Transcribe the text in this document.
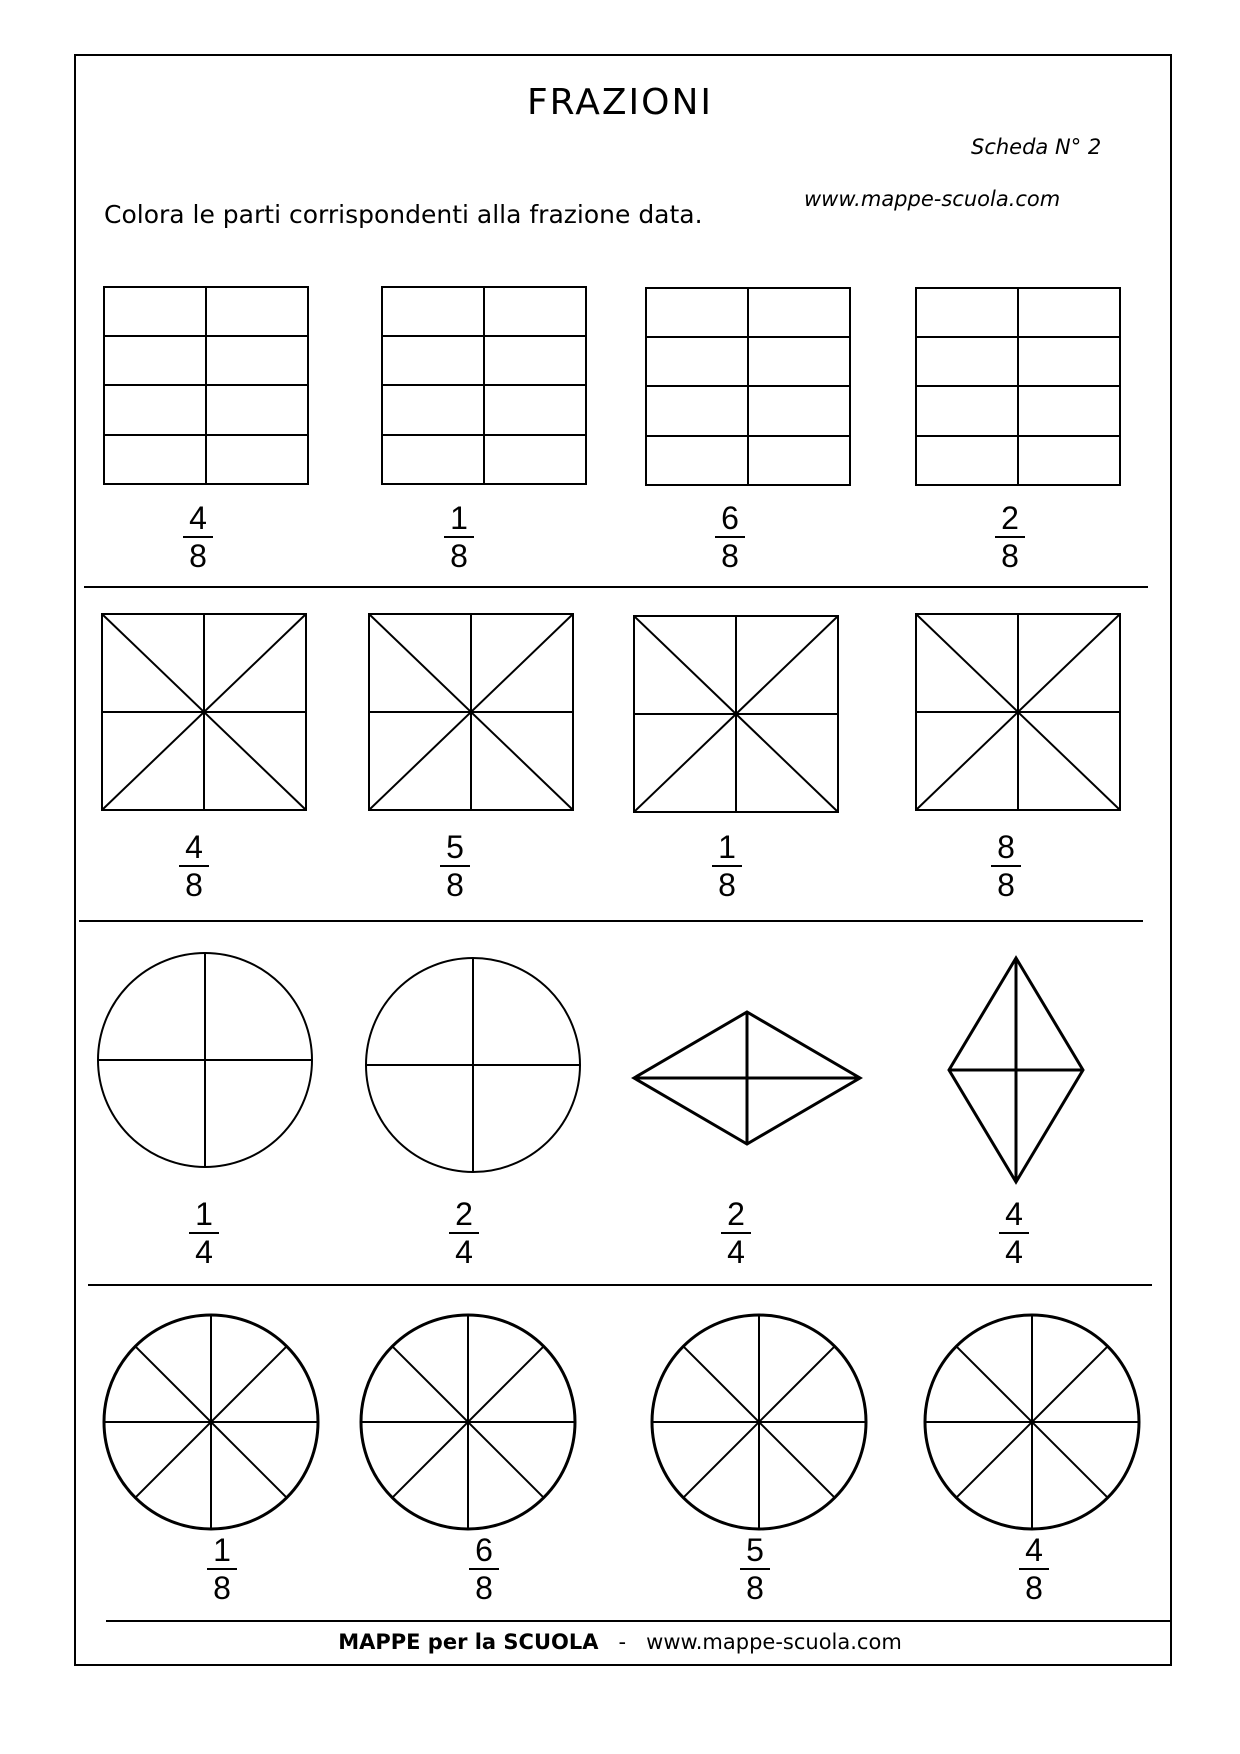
FRAZIONI
Scheda N° 2
www.mappe-scuola.com
Colora le parti corrispondenti alla frazione data.
$\frac{4}{8}$	$\frac{1}{8}$	$\frac{6}{8}$	$\frac{2}{8}$
$\frac{4}{8}$	$\frac{5}{8}$	$\frac{1}{8}$	$\frac{8}{8}$
$\frac{1}{4}$	$\frac{2}{4}$	$\frac{2}{4}$	$\frac{4}{4}$
$\frac{1}{8}$	$\frac{6}{8}$	$\frac{5}{8}$	$\frac{4}{8}$
MAPPE per la SCUOLA - www.mappe-scuola.com
